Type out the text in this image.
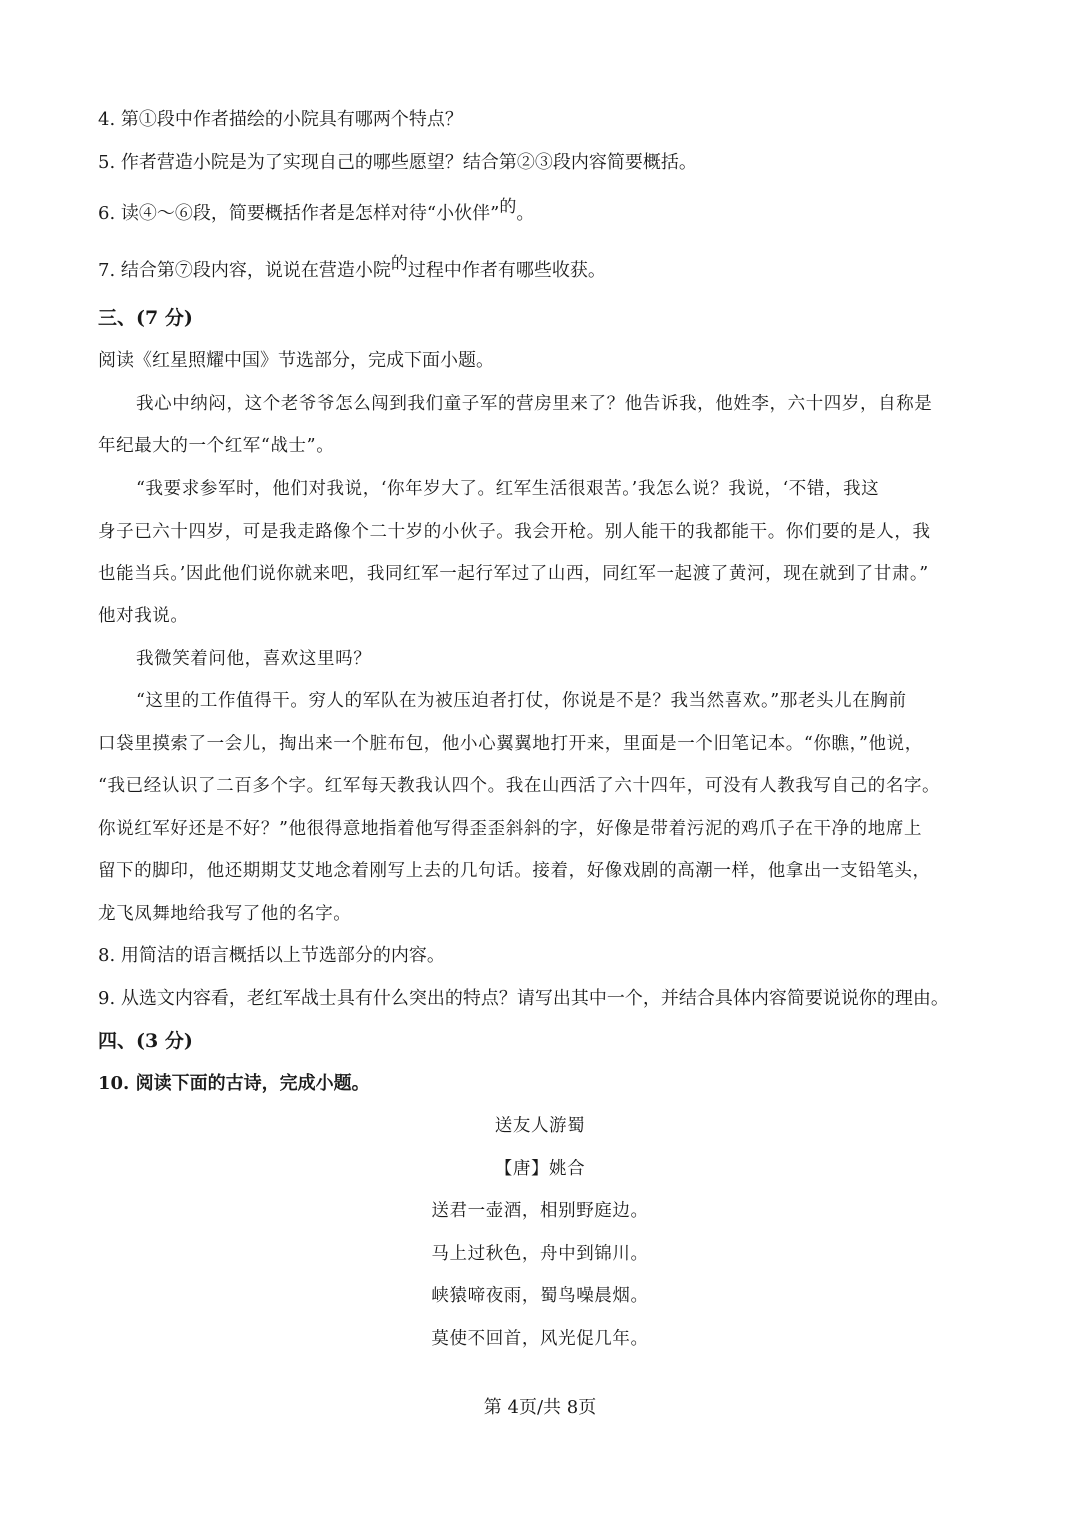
4. 第①段中作者描绘的小院具有哪两个特点？
5. 作者营造小院是为了实现自己的哪些愿望？结合第②③段内容简要概括。
6. 读④～⑥段，简要概括作者是怎样对待“小伙伴”的。
7. 结合第⑦段内容，说说在营造小院的过程中作者有哪些收获。
三、(7 分)
阅读《红星照耀中国》节选部分，完成下面小题。
我心中纳闷，这个老爷爷怎么闯到我们童子军的营房里来了？他告诉我，他姓李，六十四岁，自称是
年纪最大的一个红军“战士”。
“我要求参军时，他们对我说，‘你年岁大了。红军生活很艰苦。’我怎么说？我说，‘不错，我这
身子已六十四岁，可是我走路像个二十岁的小伙子。我会开枪。别人能干的我都能干。你们要的是人，我
也能当兵。’因此他们说你就来吧，我同红军一起行军过了山西，同红军一起渡了黄河，现在就到了甘肃。”
他对我说。
我微笑着问他，喜欢这里吗？
“这里的工作值得干。穷人的军队在为被压迫者打仗，你说是不是？我当然喜欢。”那老头儿在胸前
口袋里摸索了一会儿，掏出来一个脏布包，他小心翼翼地打开来，里面是一个旧笔记本。“你瞧，”他说，
“我已经认识了二百多个字。红军每天教我认四个。我在山西活了六十四年，可没有人教我写自己的名字。
你说红军好还是不好？”他很得意地指着他写得歪歪斜斜的字，好像是带着污泥的鸡爪子在干净的地席上
留下的脚印，他还期期艾艾地念着刚写上去的几句话。接着，好像戏剧的高潮一样，他拿出一支铅笔头，
龙飞凤舞地给我写了他的名字。
8. 用简洁的语言概括以上节选部分的内容。
9. 从选文内容看，老红军战士具有什么突出的特点？请写出其中一个，并结合具体内容简要说说你的理由。
四、(3 分)
10. 阅读下面的古诗，完成小题。
送友人游蜀
【唐】姚合
送君一壶酒，相别野庭边。
马上过秋色，舟中到锦川。
峡猿啼夜雨，蜀鸟噪晨烟。
莫使不回首，风光促几年。
第 4页/共 8页
